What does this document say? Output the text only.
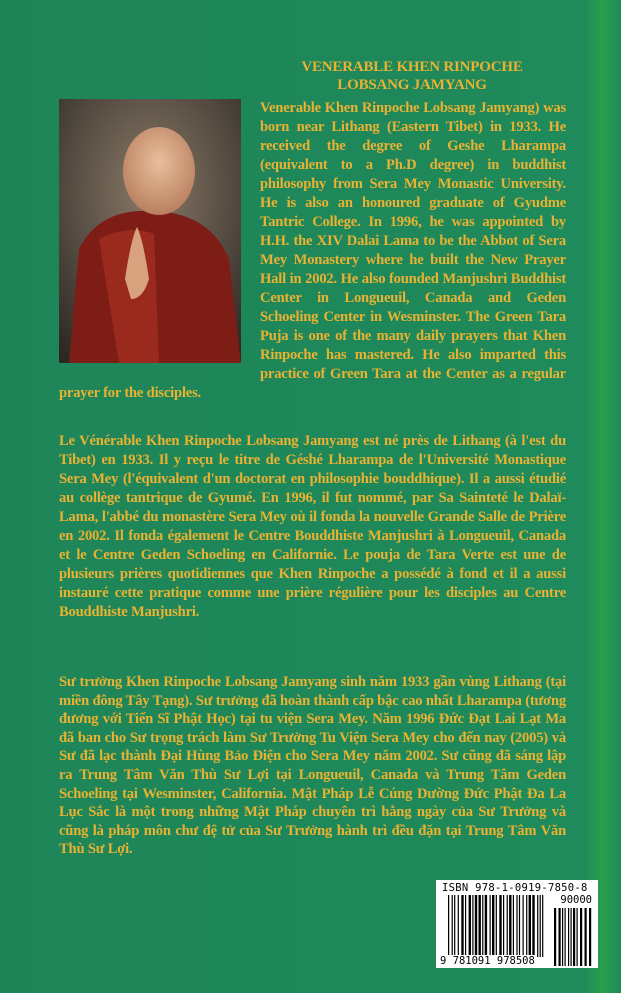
VENERABLE KHEN RINPOCHE
LOBSANG JAMYANG

Venerable Khen Rinpoche Lobsang Jamyang) was born near Lithang (Eastern Tibet) in 1933. He received the degree of Geshe Lharampa (equivalent to a Ph.D degree) in buddhist philosophy from Sera Mey Monastic University. He is also an honoured graduate of Gyudme Tantric College. In 1996, he was appointed by H.H. the XIV Dalai Lama to be the Abbot of Sera Mey Monastery where he built the New Prayer Hall in 2002. He also founded Manjushri Buddhist Center in Longueuil, Canada and Geden Schoeling Center in Wesminster. The Green Tara Puja is one of the many daily prayers that Khen Rinpoche has mastered. He also imparted this practice of Green Tara at the Center as a regular prayer for the disciples.

Le Vénérable Khen Rinpoche Lobsang Jamyang est né près de Lithang (à l'est du Tibet) en 1933. Il y reçu le titre de Géshé Lharampa de l'Université Monastique Sera Mey (l'équivalent d'un doctorat en philosophie bouddhique). Il a aussi étudié au collège tantrique de Gyumé. En 1996, il fut nommé, par Sa Sainteté le Dalaï-Lama, l'abbé du monastère Sera Mey où il fonda la nouvelle Grande Salle de Prière en 2002. Il fonda également le Centre Bouddhiste Manjushri à Longueuil, Canada et le Centre Geden Schoeling en Californie. Le pouja de Tara Verte est une de plusieurs prières quotidiennes que Khen Rinpoche a possédé à fond et il a aussi instauré cette pratique comme une prière régulière pour les disciples au Centre Bouddhiste Manjushri.

Sư trưởng Khen Rinpoche Lobsang Jamyang sinh năm 1933 gần vùng Lithang (tại miền đông Tây Tạng). Sư trưởng đã hoàn thành cấp bậc cao nhất Lharampa (tương đương với Tiến Sĩ Phật Học) tại tu viện Sera Mey. Năm 1996 Đức Đạt Lai Lạt Ma đã ban cho Sư trọng trách làm Sư Trưởng Tu Viện Sera Mey cho đến nay (2005) và Sư đã lạc thành Đại Hùng Bảo Điện cho Sera Mey năm 2002. Sư cũng đã sáng lập ra Trung Tâm Văn Thù Sư Lợi tại Longueuil, Canada và Trung Tâm Geden Schoeling tại Wesminster, California. Mật Pháp Lễ Cúng Dường Đức Phật Đa La Lục Sắc là một trong những Mật Pháp chuyên trì hằng ngày của Sư Trưởng và cũng là pháp môn chư đệ tử của Sư Trưởng hành trì đều đặn tại Trung Tâm Văn Thù Sư Lợi.

ISBN 978-1-0919-7850-8
90000
9 781091 978508
